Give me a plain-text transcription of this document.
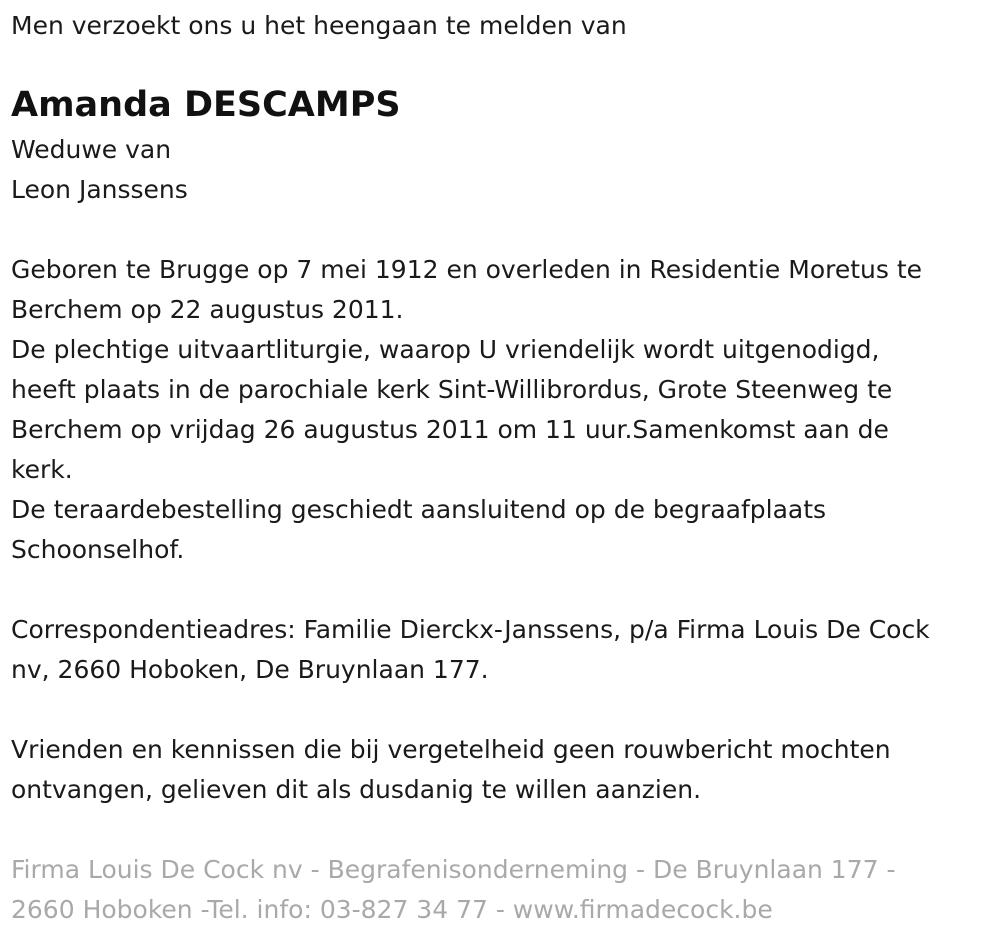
Men verzoekt ons u het heengaan te melden van

Amanda DESCAMPS

Weduwe van

Leon Janssens

Geboren te Brugge op 7 mei 1912 en overleden in Residentie Moretus te

Berchem op 22 augustus 2011.

De plechtige uitvaartliturgie, waarop U vriendelijk wordt uitgenodigd,

heeft plaats in de parochiale kerk Sint-Willibrordus, Grote Steenweg te

Berchem op vrijdag 26 augustus 2011 om 11 uur.Samenkomst aan de

kerk.

De teraardebestelling geschiedt aansluitend op de begraafplaats

Schoonselhof.

Correspondentieadres: Familie Dierckx-Janssens, p/a Firma Louis De Cock

nv, 2660 Hoboken, De Bruynlaan 177.

Vrienden en kennissen die bij vergetelheid geen rouwbericht mochten

ontvangen, gelieven dit als dusdanig te willen aanzien.

Firma Louis De Cock nv - Begrafenisonderneming - De Bruynlaan 177 -

2660 Hoboken -Tel. info: 03-827 34 77 - www.firmadecock.be
